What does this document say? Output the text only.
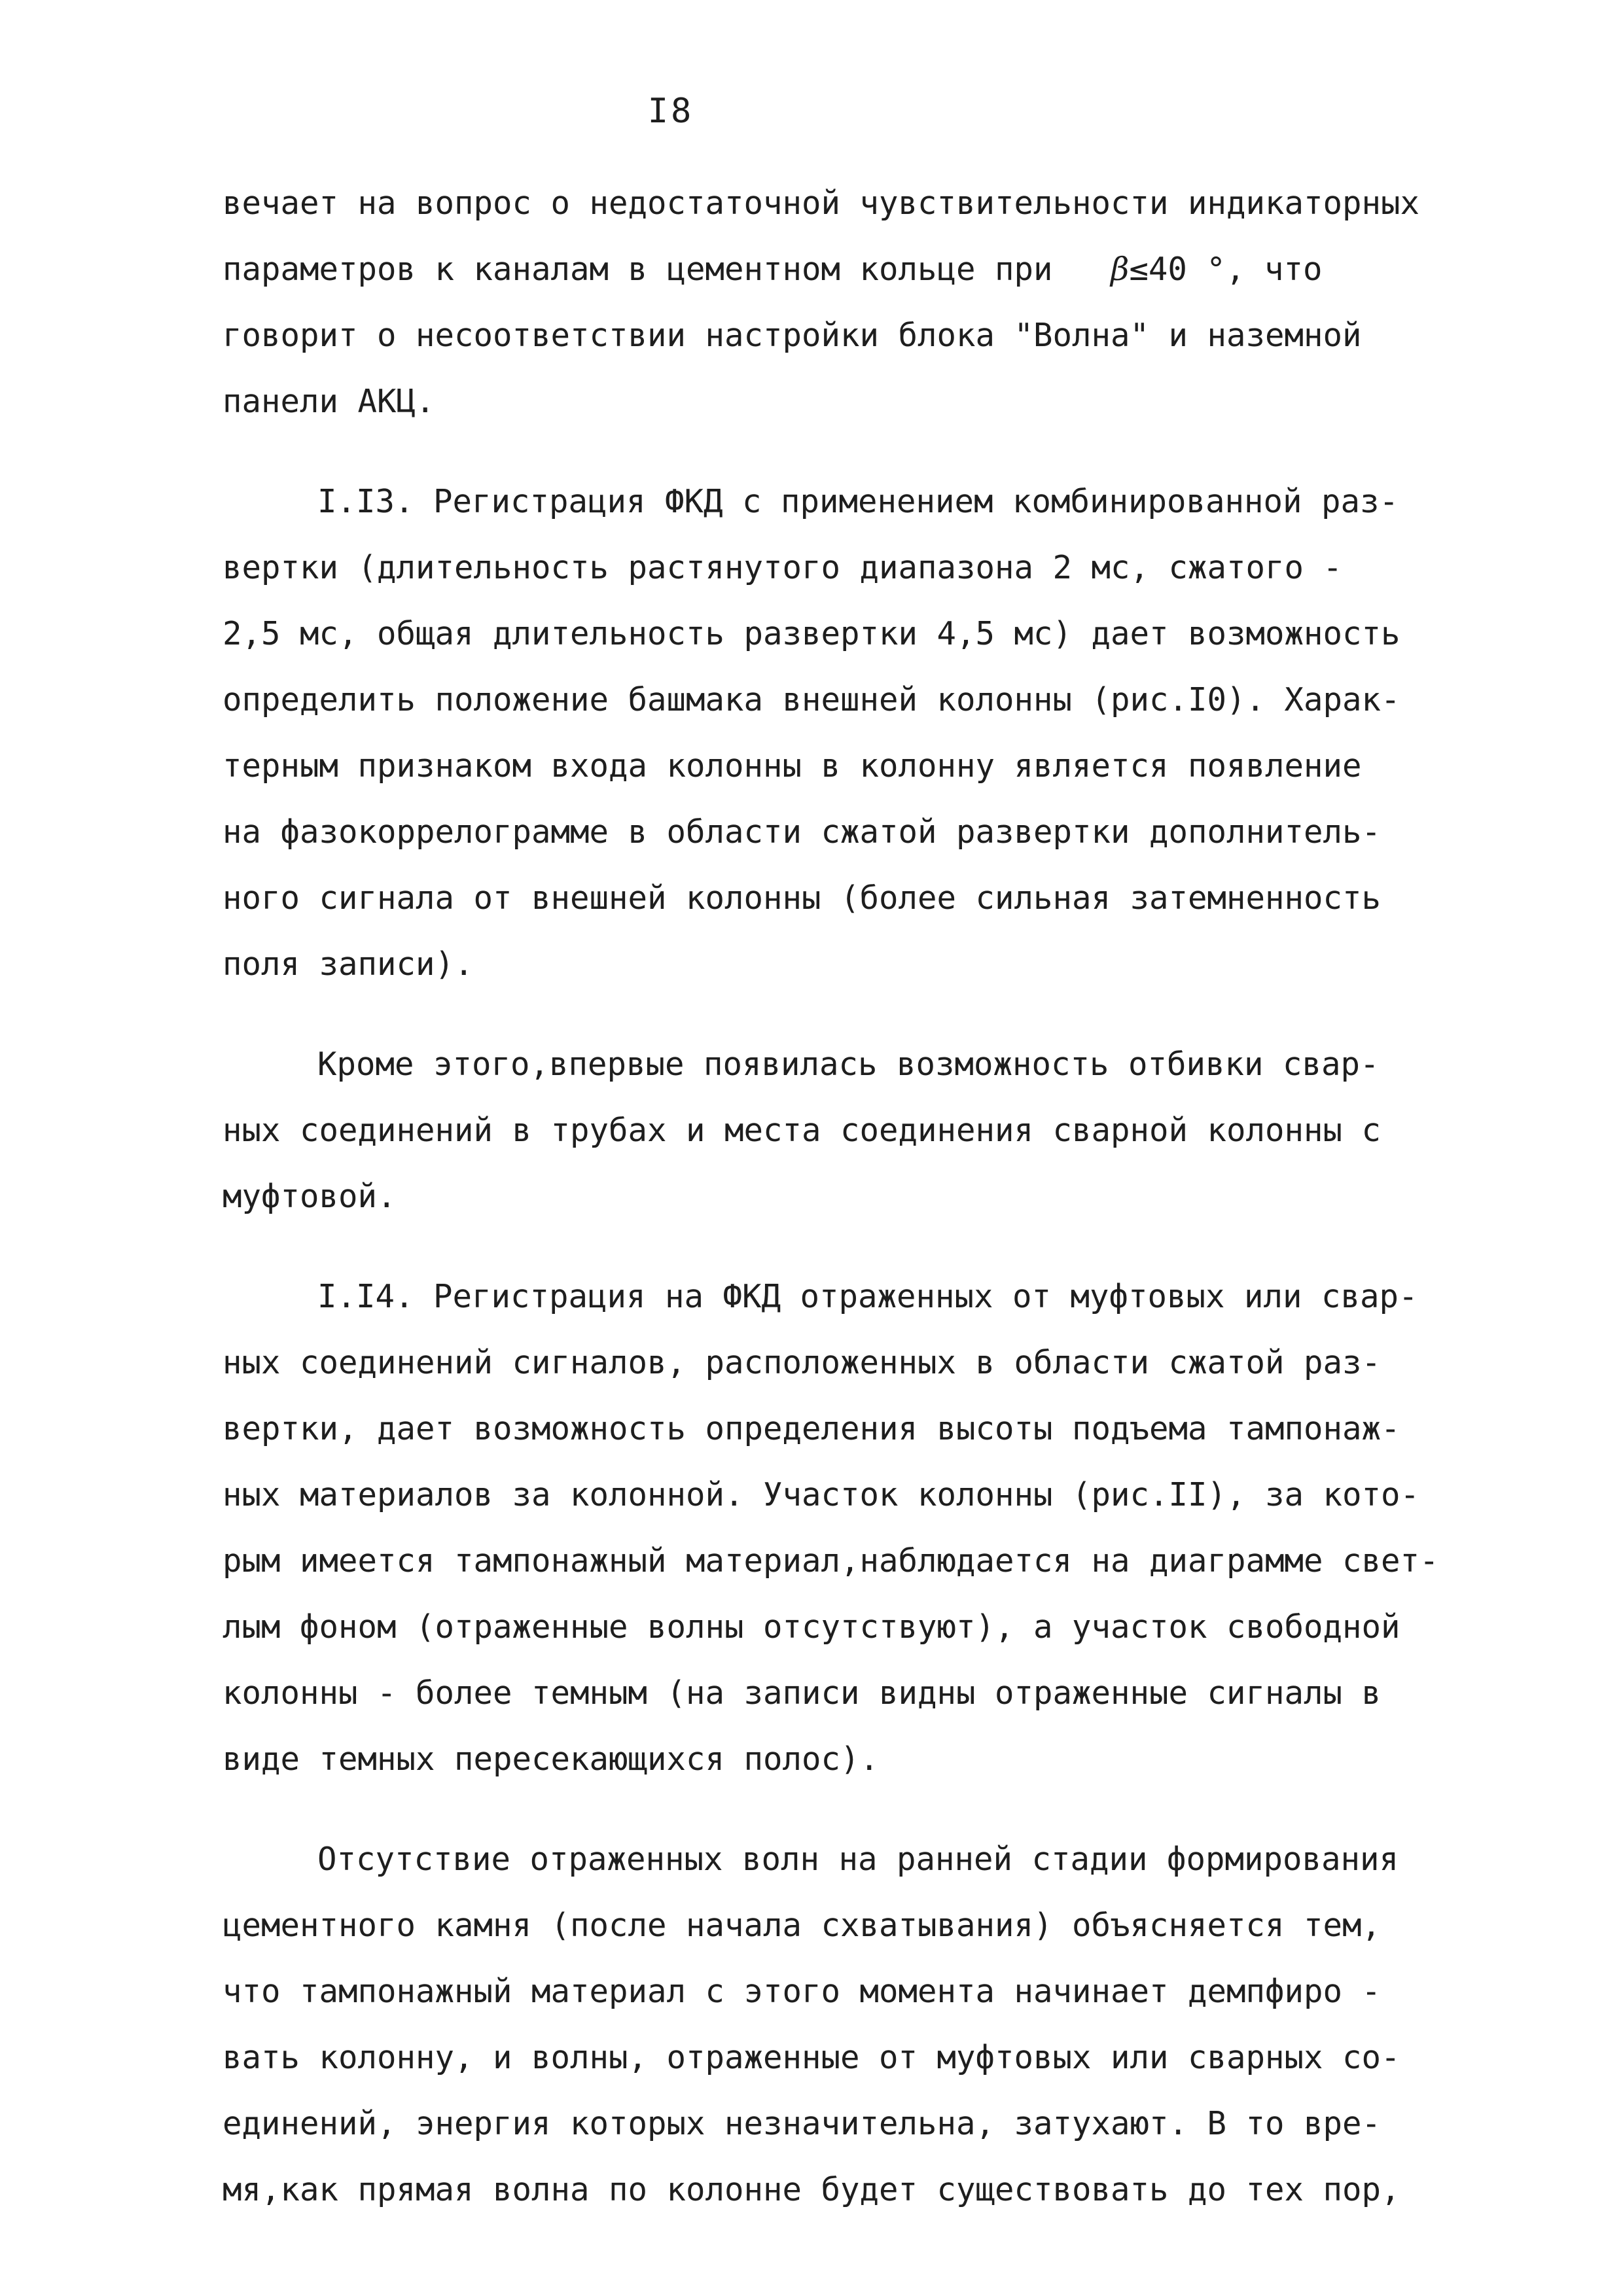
I8
вечает на вопрос о недостаточной чувствительности индикаторных
параметров к каналам в цементном кольце при β≤40 °, что
говорит о несоответствии настройки блока "Волна" и наземной
панели АКЦ.
I.I3. Регистрация ФКД с применением комбинированной раз-
вертки (длительность растянутого диапазона 2 мс, сжатого -
2,5 мс, общая длительность развертки 4,5 мс) дает возможность
определить положение башмака внешней колонны (рис.I0). Харак-
терным признаком входа колонны в колонну является появление
на фазокоррелограмме в области сжатой развертки дополнитель-
ного сигнала от внешней колонны (более сильная затемненность
поля записи).
Кроме этого,впервые появилась возможность отбивки свар-
ных соединений в трубах и места соединения сварной колонны с
муфтовой.
I.I4. Регистрация на ФКД отраженных от муфтовых или свар-
ных соединений сигналов, расположенных в области сжатой раз-
вертки, дает возможность определения высоты подъема тампонаж-
ных материалов за колонной. Участок колонны (рис.II), за кото-
рым имеется тампонажный материал,наблюдается на диаграмме свет-
лым фоном (отраженные волны отсутствуют), а участок свободной
колонны - более темным (на записи видны отраженные сигналы в
виде темных пересекающихся полос).
Отсутствие отраженных волн на ранней стадии формирования
цементного камня (после начала схватывания) объясняется тем,
что тампонажный материал с этого момента начинает демпфиро -
вать колонну, и волны, отраженные от муфтовых или сварных со-
единений, энергия которых незначительна, затухают. В то вре-
мя,как прямая волна по колонне будет существовать до тех пор,
